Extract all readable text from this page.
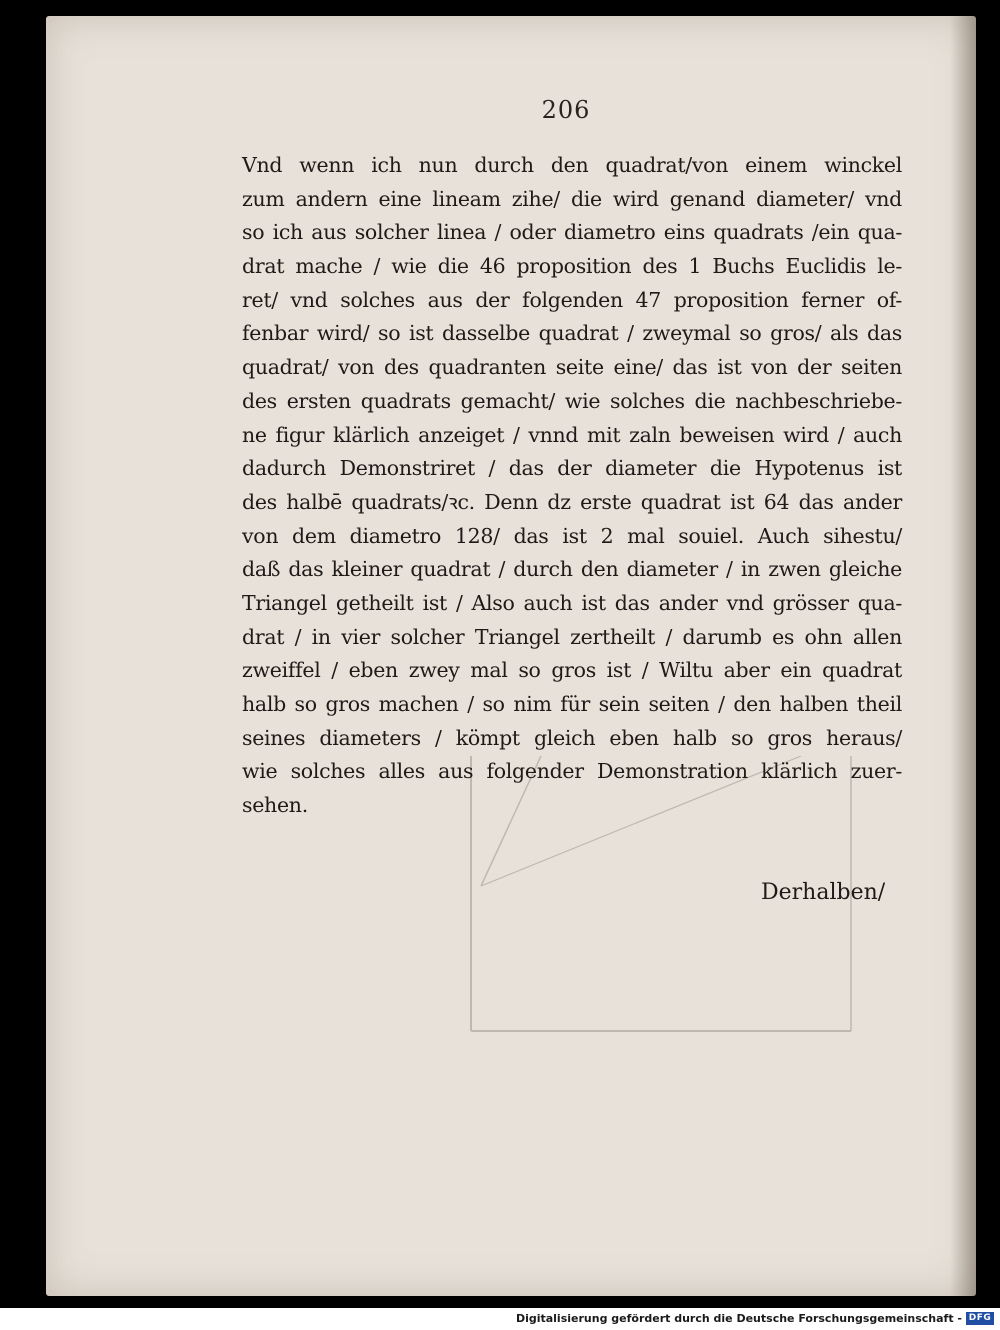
206
Vnd wenn ich nun durch den quadrat/von einem winckel
zum andern eine lineam zihe/ die wird genand diameter/ vnd
so ich aus solcher linea / oder diametro eins quadrats /ein qua-
drat mache / wie die 46 proposition des 1 Buchs Euclidis le-
ret/ vnd solches aus der folgenden 47 proposition ferner of-
fenbar wird/ so ist dasselbe quadrat / zweymal so gros/ als das
quadrat/ von des quadranten seite eine/ das ist von der seiten
des ersten quadrats gemacht/ wie solches die nachbeschriebe-
ne figur klärlich anzeiget / vnnd mit zaln beweisen wird / auch
dadurch Demonstriret / das der diameter die Hypotenus ist
des halbē quadrats/ꝛc. Denn dz erste quadrat ist 64 das ander
von dem diametro 128/ das ist 2 mal souiel. Auch sihestu/
daß das kleiner quadrat / durch den diameter / in zwen gleiche
Triangel getheilt ist / Also auch ist das ander vnd grösser qua-
drat / in vier solcher Triangel zertheilt / darumb es ohn allen
zweiffel / eben zwey mal so gros ist / Wiltu aber ein quadrat
halb so gros machen / so nim für sein seiten / den halben theil
seines diameters / kömpt gleich eben halb so gros heraus/
wie solches alles aus folgender Demonstration klärlich zuer-
sehen.
Derhalben/
Digitalisierung gefördert durch die Deutsche Forschungsgemeinschaft - DFG
